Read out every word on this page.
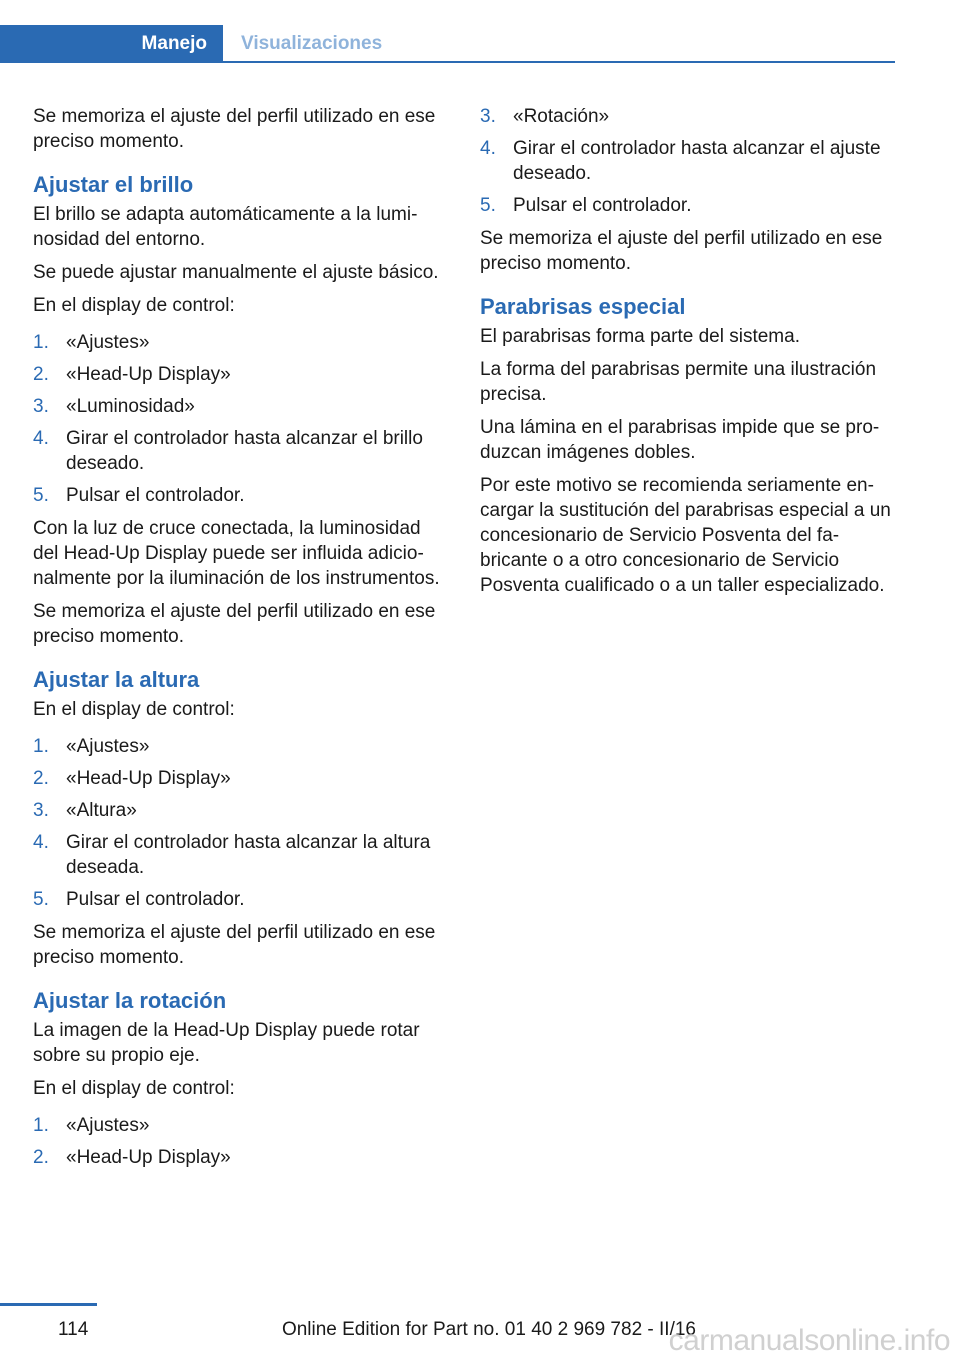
Manejo	Visualizaciones

Se memoriza el ajuste del perfil utilizado en ese preciso momento.

Ajustar el brillo

El brillo se adapta automáticamente a la luminosidad del entorno.

Se puede ajustar manualmente el ajuste básico.

En el display de control:

1. «Ajustes»
2. «Head-Up Display»
3. «Luminosidad»
4. Girar el controlador hasta alcanzar el brillo deseado.
5. Pulsar el controlador.

Con la luz de cruce conectada, la luminosidad del Head-Up Display puede ser influida adicionalmente por la iluminación de los instrumentos.

Se memoriza el ajuste del perfil utilizado en ese preciso momento.

Ajustar la altura

En el display de control:

1. «Ajustes»
2. «Head-Up Display»
3. «Altura»
4. Girar el controlador hasta alcanzar la altura deseada.
5. Pulsar el controlador.

Se memoriza el ajuste del perfil utilizado en ese preciso momento.

Ajustar la rotación

La imagen de la Head-Up Display puede rotar sobre su propio eje.

En el display de control:

1. «Ajustes»
2. «Head-Up Display»
3. «Rotación»
4. Girar el controlador hasta alcanzar el ajuste deseado.
5. Pulsar el controlador.

Se memoriza el ajuste del perfil utilizado en ese preciso momento.

Parabrisas especial

El parabrisas forma parte del sistema.

La forma del parabrisas permite una ilustración precisa.

Una lámina en el parabrisas impide que se produzcan imágenes dobles.

Por este motivo se recomienda seriamente encargar la sustitución del parabrisas especial a un concesionario de Servicio Posventa del fabricante o a otro concesionario de Servicio Posventa cualificado o a un taller especializado.

114	Online Edition for Part no. 01 40 2 969 782 - II/16
carmanualsonline.info
